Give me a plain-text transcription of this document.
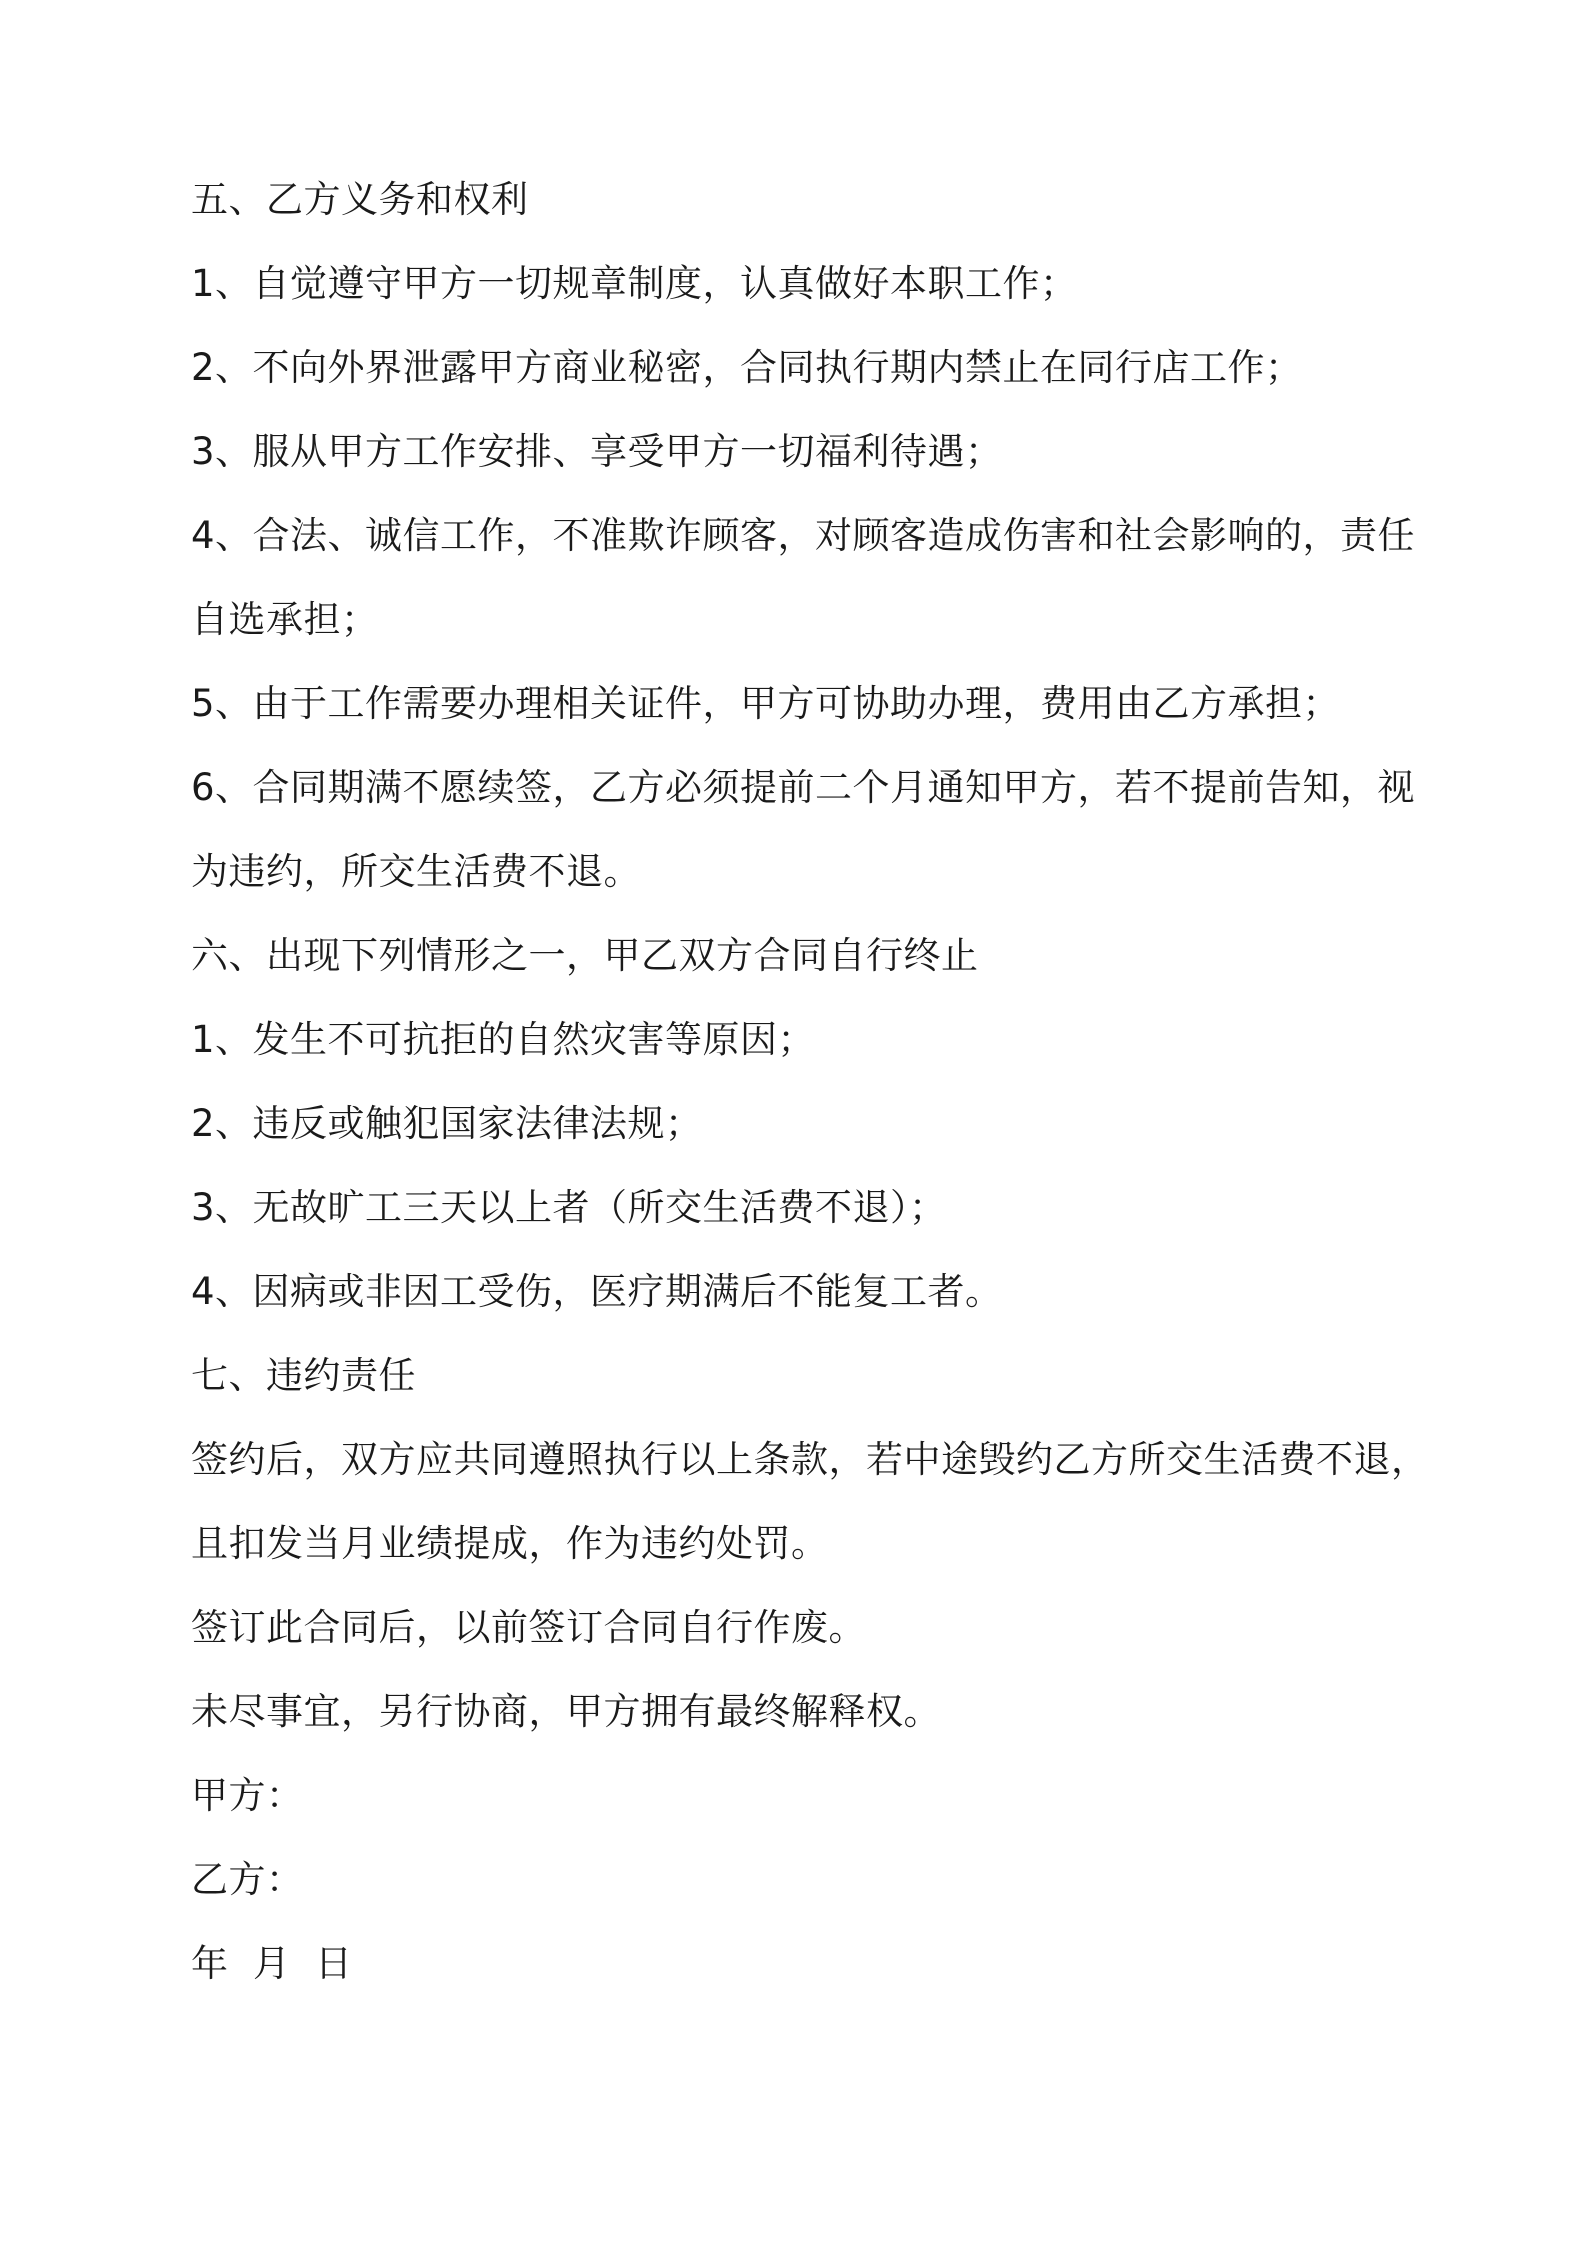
五、乙方义务和权利

1、自觉遵守甲方一切规章制度，认真做好本职工作；

2、不向外界泄露甲方商业秘密，合同执行期内禁止在同行店工作；

3、服从甲方工作安排、享受甲方一切福利待遇；

4、合法、诚信工作，不准欺诈顾客，对顾客造成伤害和社会影响的，责任

自选承担；

5、由于工作需要办理相关证件，甲方可协助办理，费用由乙方承担；

6、合同期满不愿续签，乙方必须提前二个月通知甲方，若不提前告知，视

为违约，所交生活费不退。

六、出现下列情形之一，甲乙双方合同自行终止

1、发生不可抗拒的自然灾害等原因；

2、违反或触犯国家法律法规；

3、无故旷工三天以上者（所交生活费不退）；

4、因病或非因工受伤，医疗期满后不能复工者。

七、违约责任

签约后，双方应共同遵照执行以上条款，若中途毁约乙方所交生活费不退，

且扣发当月业绩提成，作为违约处罚。

签订此合同后，以前签订合同自行作废。

未尽事宜，另行协商，甲方拥有最终解释权。

甲方：

乙方：

年  月  日
